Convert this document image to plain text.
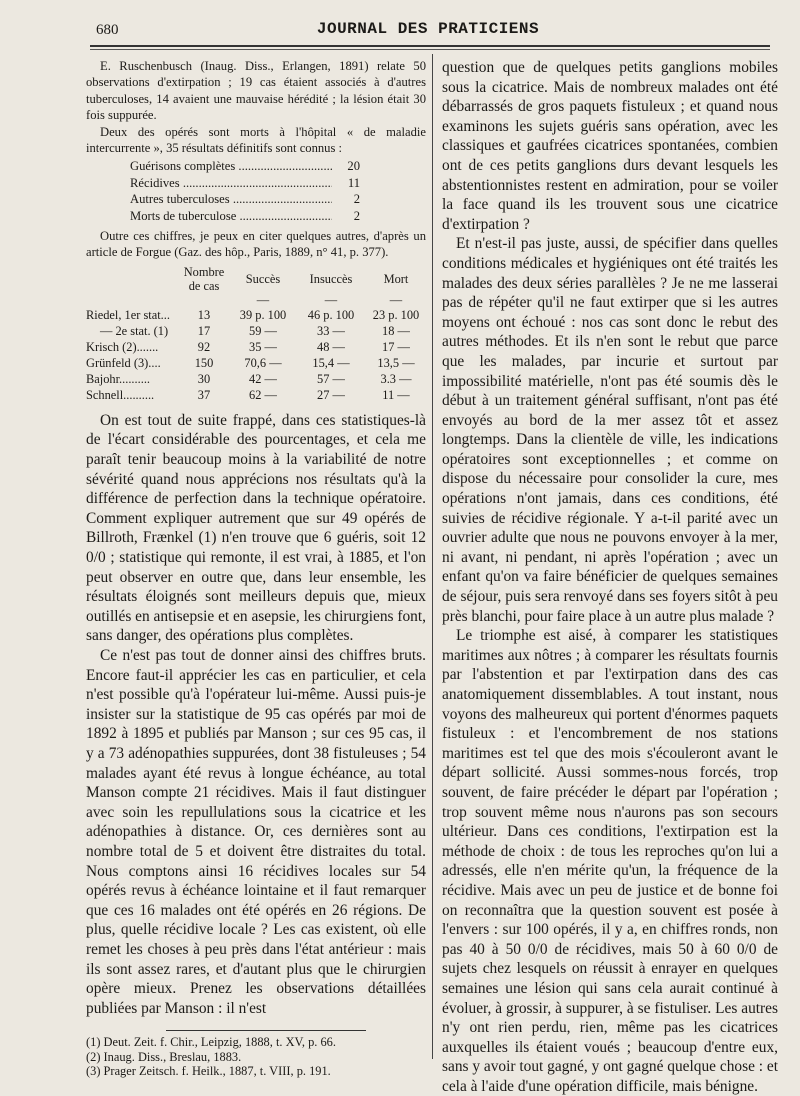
680	JOURNAL DES PRATICIENS

E. Ruschenbusch (Inaug. Diss., Erlangen, 1891) relate 50 observations d'extirpation ; 19 cas étaient associés à d'autres tuberculoses, 14 avaient une mauvaise hérédité ; la lésion était 30 fois suppurée.

Deux des opérés sont morts à l'hôpital « de maladie intercurrente », 35 résultats définitifs sont connus :

Guérisons complètes .....	20
Récidives .....	11
Autres tuberculoses .....	2
Morts de tuberculose .....	2

Outre ces chiffres, je peux en citer quelques autres, d'après un article de Forgue (Gaz. des hôp., Paris, 1889, n° 41, p. 377).

	Nombre de cas	Succès	Insuccès	Mort
		—	—	—
Riedel, 1er stat...	13	39 p. 100	46 p. 100	23 p. 100
— 2e stat. (1)	17	59 —	33 —	18 —
Krisch (2).......	92	35 —	48 —	17 —
Grünfeld (3)....	150	70,6 —	15,4 —	13,5 —
Bajohr..........	30	42 —	57 —	3.3 —
Schnell..........	37	62 —	27 —	11 —

On est tout de suite frappé, dans ces statistiques-là de l'écart considérable des pourcentages, et cela me paraît tenir beaucoup moins à la variabilité de notre sévérité quand nous apprécions nos résultats qu'à la différence de perfection dans la technique opératoire. Comment expliquer autrement que sur 49 opérés de Billroth, Frænkel (1) n'en trouve que 6 guéris, soit 12 0/0 ; statistique qui remonte, il est vrai, à 1885, et l'on peut observer en outre que, dans leur ensemble, les résultats éloignés sont meilleurs depuis que, mieux outillés en antisepsie et en asepsie, les chirurgiens font, sans danger, des opérations plus complètes.

Ce n'est pas tout de donner ainsi des chiffres bruts. Encore faut-il apprécier les cas en particulier, et cela n'est possible qu'à l'opérateur lui-même. Aussi puis-je insister sur la statistique de 95 cas opérés par moi de 1892 à 1895 et publiés par Manson ; sur ces 95 cas, il y a 73 adénopathies suppurées, dont 38 fistuleuses ; 54 malades ayant été revus à longue échéance, au total Manson compte 21 récidives. Mais il faut distinguer avec soin les repullulations sous la cicatrice et les adénopathies à distance. Or, ces dernières sont au nombre total de 5 et doivent être distraites du total. Nous comptons ainsi 16 récidives locales sur 54 opérés revus à échéance lointaine et il faut remarquer que ces 16 malades ont été opérés en 26 régions. De plus, quelle récidive locale ? Les cas existent, où elle remet les choses à peu près dans l'état antérieur : mais ils sont assez rares, et d'autant plus que le chirurgien opère mieux. Prenez les observations détaillées publiées par Manson : il n'est

(1) Deut. Zeit. f. Chir., Leipzig, 1888, t. XV, p. 66.

(2) Inaug. Diss., Breslau, 1883.

(3) Prager Zeitsch. f. Heilk., 1887, t. VIII, p. 191.

question que de quelques petits ganglions mobiles sous la cicatrice. Mais de nombreux malades ont été débarrassés de gros paquets fistuleux ; et quand nous examinons les sujets guéris sans opération, avec les classiques et gaufrées cicatrices spontanées, combien ont de ces petits ganglions durs devant lesquels les abstentionnistes restent en admiration, pour se voiler la face quand ils les trouvent sous une cicatrice d'extirpation ?

Et n'est-il pas juste, aussi, de spécifier dans quelles conditions médicales et hygiéniques ont été traités les malades des deux séries parallèles ? Je ne me lasserai pas de répéter qu'il ne faut extirper que si les autres moyens ont échoué : nos cas sont donc le rebut des autres méthodes. Et ils n'en sont le rebut que parce que les malades, par incurie et surtout par impossibilité matérielle, n'ont pas été soumis dès le début à un traitement général suffisant, n'ont pas été envoyés au bord de la mer assez tôt et assez longtemps. Dans la clientèle de ville, les indications opératoires sont exceptionnelles ; et comme on dispose du nécessaire pour consolider la cure, mes opérations n'ont jamais, dans ces conditions, été suivies de récidive régionale. Y a-t-il parité avec un ouvrier adulte que nous ne pouvons envoyer à la mer, ni avant, ni pendant, ni après l'opération ; avec un enfant qu'on va faire bénéficier de quelques semaines de séjour, puis sera renvoyé dans ses foyers sitôt à peu près blanchi, pour faire place à un autre plus malade ?

Le triomphe est aisé, à comparer les statistiques maritimes aux nôtres ; à comparer les résultats fournis par l'abstention et par l'extirpation dans des cas anatomiquement dissemblables. A tout instant, nous voyons des malheureux qui portent d'énormes paquets fistuleux : et l'encombrement de nos stations maritimes est tel que des mois s'écouleront avant le départ sollicité. Aussi sommes-nous forcés, trop souvent, de faire précéder le départ par l'opération ; trop souvent même nous n'aurons pas son secours ultérieur. Dans ces conditions, l'extirpation est la méthode de choix : de tous les reproches qu'on lui a adressés, elle n'en mérite qu'un, la fréquence de la récidive. Mais avec un peu de justice et de bonne foi on reconnaîtra que la question souvent est posée à l'envers : sur 100 opérés, il y a, en chiffres ronds, non pas 40 à 50 0/0 de récidives, mais 50 à 60 0/0 de sujets chez lesquels on réussit à enrayer en quelques semaines une lésion qui sans cela aurait continué à évoluer, à grossir, à suppurer, à se fistuliser. Les autres n'y ont rien perdu, rien, même pas les cicatrices auxquelles ils étaient voués ; beaucoup d'entre eux, sans y avoir tout gagné, y ont gagné quelque chose : et cela à l'aide d'une opération difficile, mais bénigne.
